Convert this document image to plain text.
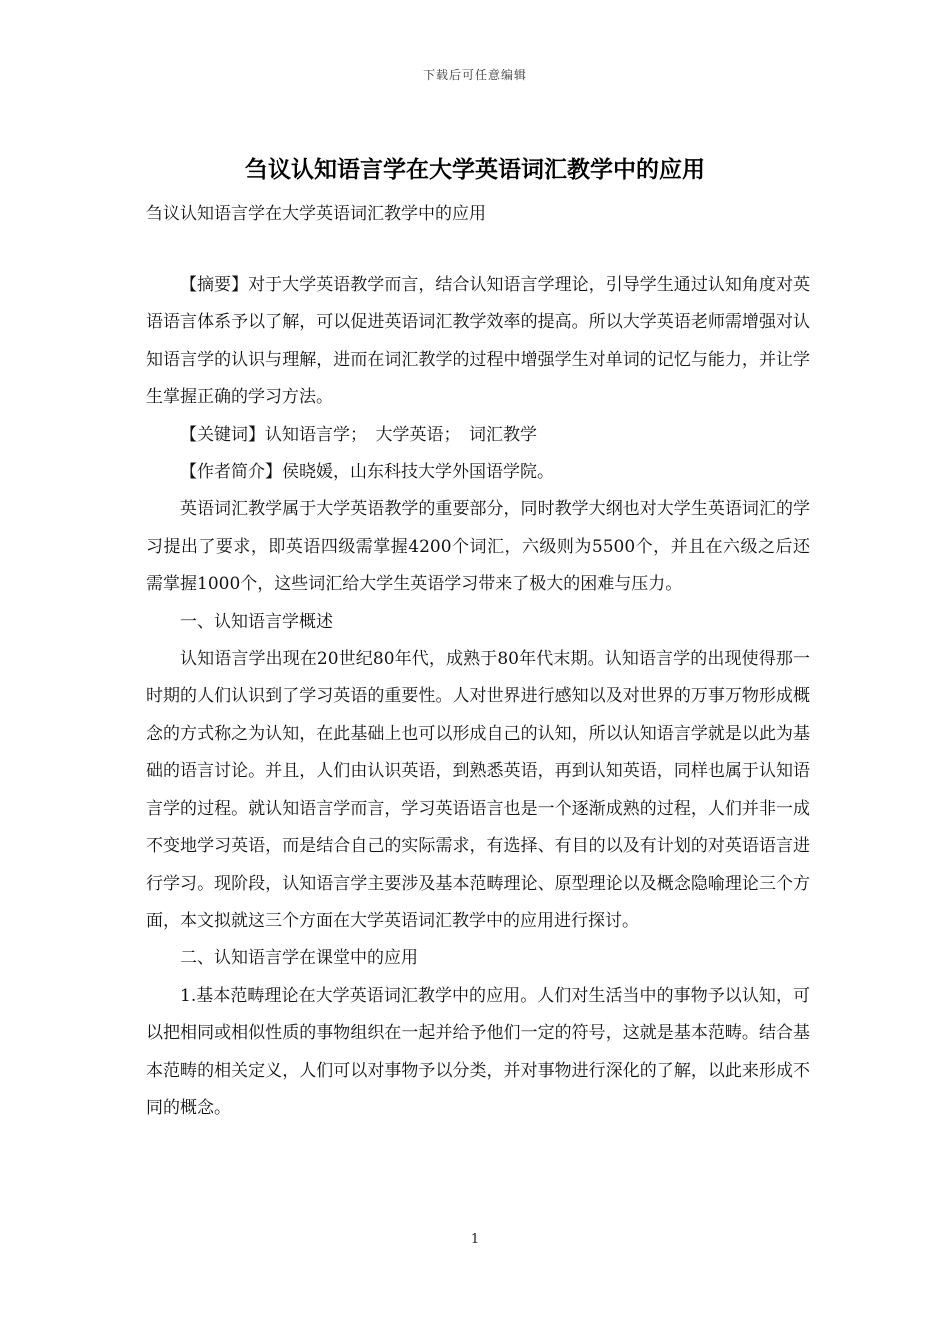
下载后可任意编辑
刍议认知语言学在大学英语词汇教学中的应用
刍议认知语言学在大学英语词汇教学中的应用

【摘要】对于大学英语教学而言，结合认知语言学理论，引导学生通过认知角度对英语语言体系予以了解，可以促进英语词汇教学效率的提高。所以大学英语老师需增强对认知语言学的认识与理解，进而在词汇教学的过程中增强学生对单词的记忆与能力，并让学生掌握正确的学习方法。

【关键词】认知语言学；　大学英语；　词汇教学

【作者简介】侯晓媛，山东科技大学外国语学院。

英语词汇教学属于大学英语教学的重要部分，同时教学大纲也对大学生英语词汇的学习提出了要求，即英语四级需掌握4200个词汇，六级则为5500个，并且在六级之后还需掌握1000个，这些词汇给大学生英语学习带来了极大的困难与压力。

一、认知语言学概述

认知语言学出现在20世纪80年代，成熟于80年代末期。认知语言学的出现使得那一时期的人们认识到了学习英语的重要性。人对世界进行感知以及对世界的万事万物形成概念的方式称之为认知，在此基础上也可以形成自己的认知，所以认知语言学就是以此为基础的语言讨论。并且，人们由认识英语，到熟悉英语，再到认知英语，同样也属于认知语言学的过程。就认知语言学而言，学习英语语言也是一个逐渐成熟的过程，人们并非一成不变地学习英语，而是结合自己的实际需求，有选择、有目的以及有计划的对英语语言进行学习。现阶段，认知语言学主要涉及基本范畴理论、原型理论以及概念隐喻理论三个方面，本文拟就这三个方面在大学英语词汇教学中的应用进行探讨。

二、认知语言学在课堂中的应用

1.基本范畴理论在大学英语词汇教学中的应用。人们对生活当中的事物予以认知，可以把相同或相似性质的事物组织在一起并给予他们一定的符号，这就是基本范畴。结合基本范畴的相关定义，人们可以对事物予以分类，并对事物进行深化的了解，以此来形成不同的概念。

1
